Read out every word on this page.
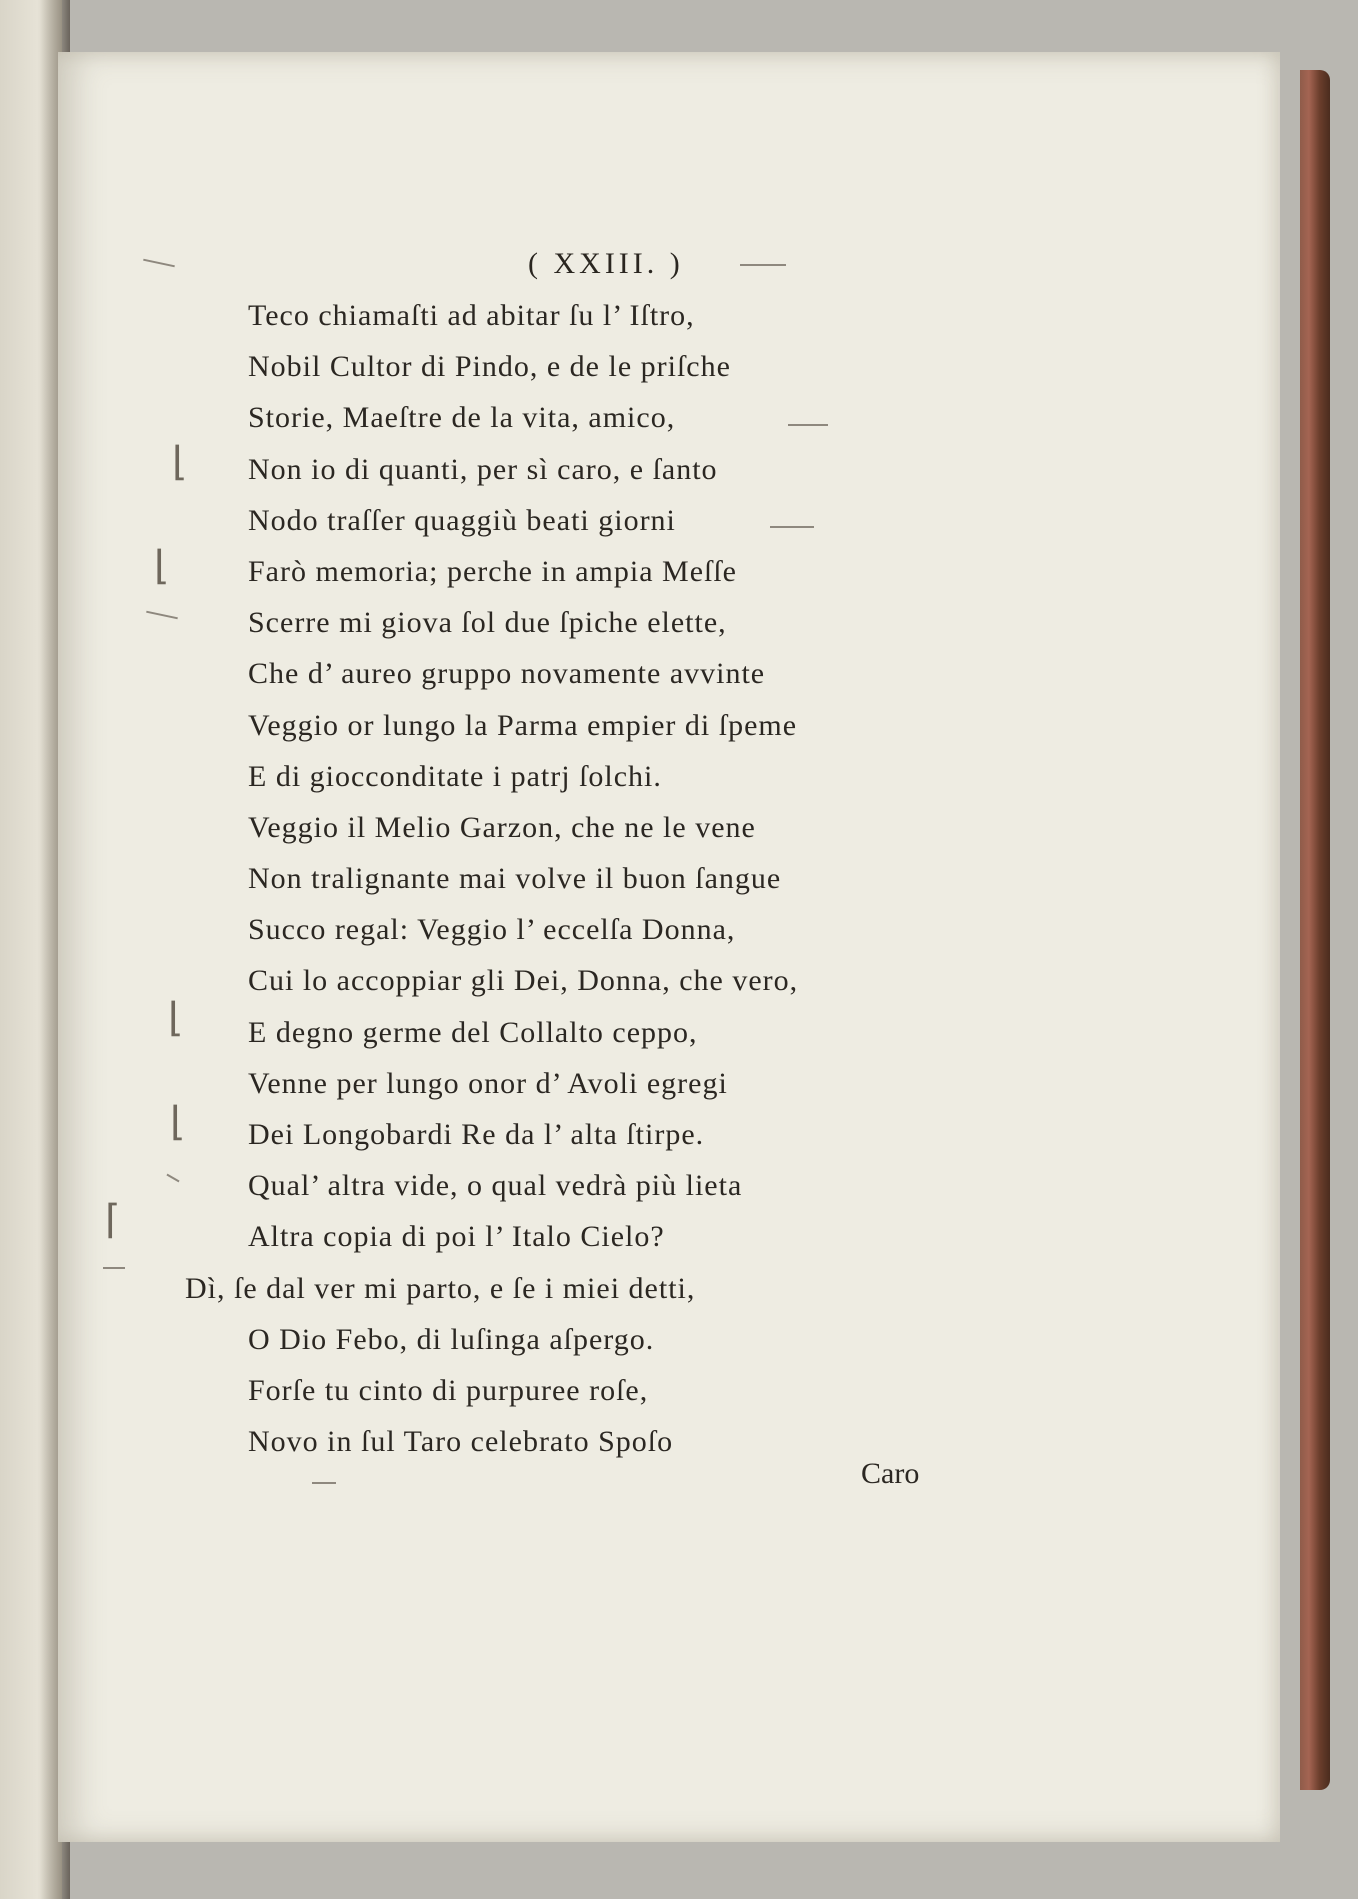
( XXIII. )
Teco chiamaſti ad abitar ſu l’ Iſtro,
Nobil Cultor di Pindo, e de le priſche
Storie, Maeſtre de la vita, amico,
Non io di quanti, per sì caro, e ſanto
Nodo traſſer quaggiù beati giorni
Farò memoria; perche in ampia Meſſe
Scerre mi giova ſol due ſpiche elette,
Che d’ aureo gruppo novamente avvinte
Veggio or lungo la Parma empier di ſpeme
E di giocconditate i patrj ſolchi.
Veggio il Melio Garzon, che ne le vene
Non tralignante mai volve il buon ſangue
Succo regal: Veggio l’ eccelſa Donna,
Cui lo accoppiar gli Dei, Donna, che vero,
E degno germe del Collalto ceppo,
Venne per lungo onor d’ Avoli egregi
Dei Longobardi Re da l’ alta ſtirpe.
Qual’ altra vide, o qual vedrà più lieta
Altra copia di poi l’ Italo Cielo?
Dì, ſe dal ver mi parto, e ſe i miei detti,
O Dio Febo, di luſinga aſpergo.
Forſe tu cinto di purpuree roſe,
Novo in ſul Taro celebrato Spoſo
Caro
⌊
⌊
⌊
⌊
⌈
